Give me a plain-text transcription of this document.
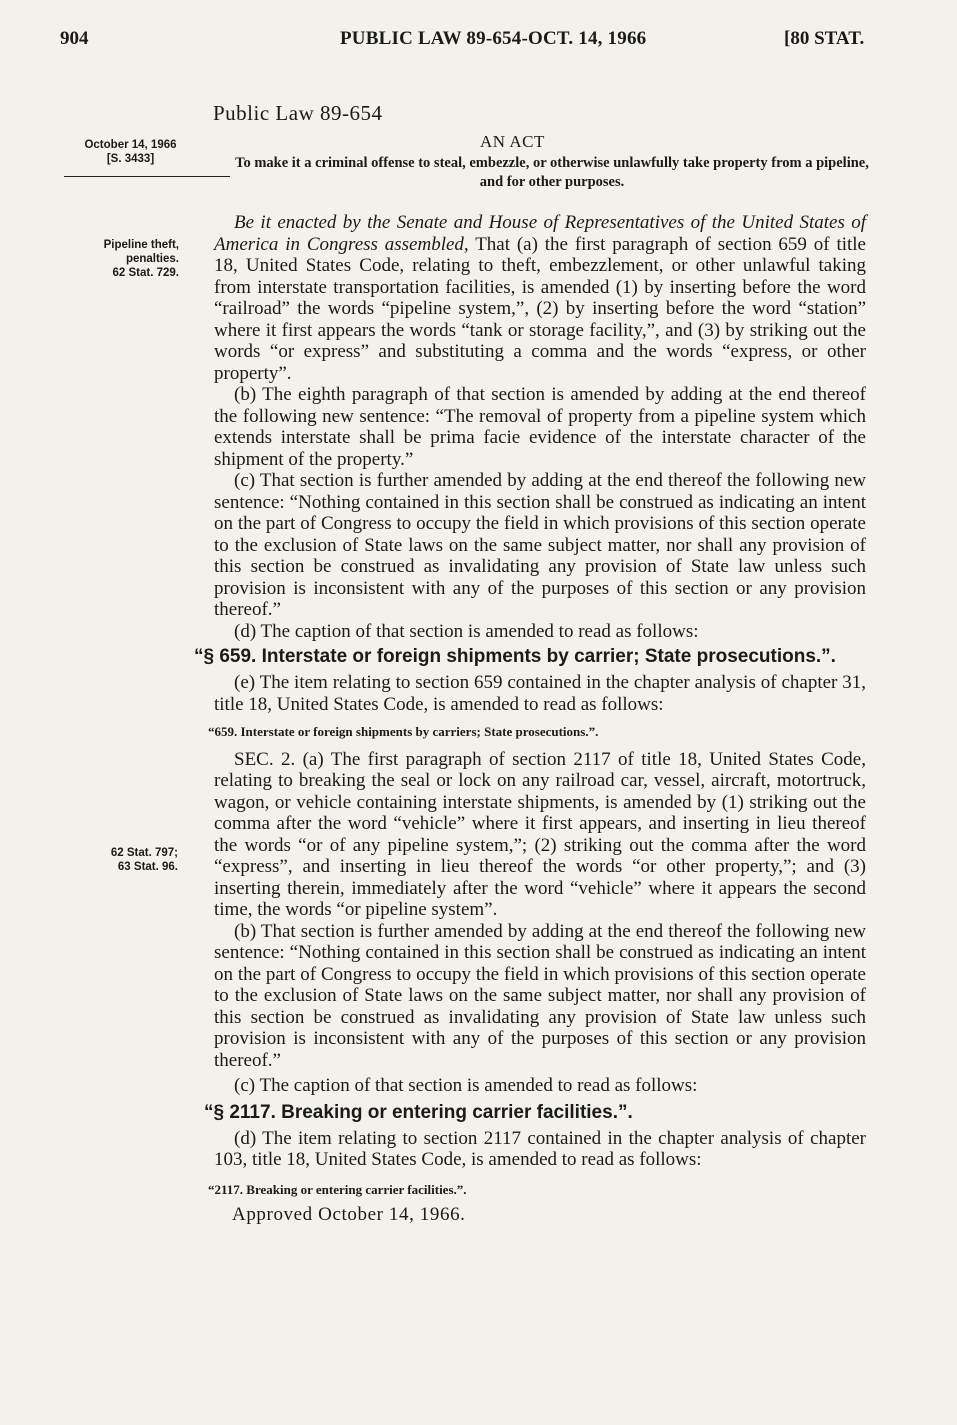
904	PUBLIC LAW 89-654-OCT. 14, 1966	[80 STAT.
Public Law 89-654
AN ACT
To make it a criminal offense to steal, embezzle, or otherwise unlawfully take property from a pipeline, and for other purposes.
October 14, 1966
[S. 3433]
Pipeline theft,
penalties.
62 Stat. 729.
62 Stat. 797;
63 Stat. 96.

Be it enacted by the Senate and House of Representatives of the United States of America in Congress assembled, That (a) the first paragraph of section 659 of title 18, United States Code, relating to theft, embezzlement, or other unlawful taking from interstate transportation facilities, is amended (1) by inserting before the word “railroad” the words “pipeline system,”, (2) by inserting before the word “station” where it first appears the words “tank or storage facility,”, and (3) by striking out the words “or express” and substituting a comma and the words “express, or other property”.

(b) The eighth paragraph of that section is amended by adding at the end thereof the following new sentence: “The removal of property from a pipeline system which extends interstate shall be prima facie evidence of the interstate character of the shipment of the property.”

(c) That section is further amended by adding at the end thereof the following new sentence: “Nothing contained in this section shall be construed as indicating an intent on the part of Congress to occupy the field in which provisions of this section operate to the exclusion of State laws on the same subject matter, nor shall any provision of this section be construed as invalidating any provision of State law unless such provision is inconsistent with any of the purposes of this section or any provision thereof.”

(d) The caption of that section is amended to read as follows:

“§ 659. Interstate or foreign shipments by carrier; State prosecutions.”.

(e) The item relating to section 659 contained in the chapter analysis of chapter 31, title 18, United States Code, is amended to read as follows:

“659. Interstate or foreign shipments by carriers; State prosecutions.”.

SEC. 2. (a) The first paragraph of section 2117 of title 18, United States Code, relating to breaking the seal or lock on any railroad car, vessel, aircraft, motortruck, wagon, or vehicle containing interstate shipments, is amended by (1) striking out the comma after the word “vehicle” where it first appears, and inserting in lieu thereof the words “or of any pipeline system,”; (2) striking out the comma after the word “express”, and inserting in lieu thereof the words “or other property,”; and (3) inserting therein, immediately after the word “vehicle” where it appears the second time, the words “or pipeline system”.

(b) That section is further amended by adding at the end thereof the following new sentence: “Nothing contained in this section shall be construed as indicating an intent on the part of Congress to occupy the field in which provisions of this section operate to the exclusion of State laws on the same subject matter, nor shall any provision of this section be construed as invalidating any provision of State law unless such provision is inconsistent with any of the purposes of this section or any provision thereof.”

(c) The caption of that section is amended to read as follows:

“§ 2117. Breaking or entering carrier facilities.”.

(d) The item relating to section 2117 contained in the chapter analysis of chapter 103, title 18, United States Code, is amended to read as follows:

“2117. Breaking or entering carrier facilities.”.

Approved October 14, 1966.
